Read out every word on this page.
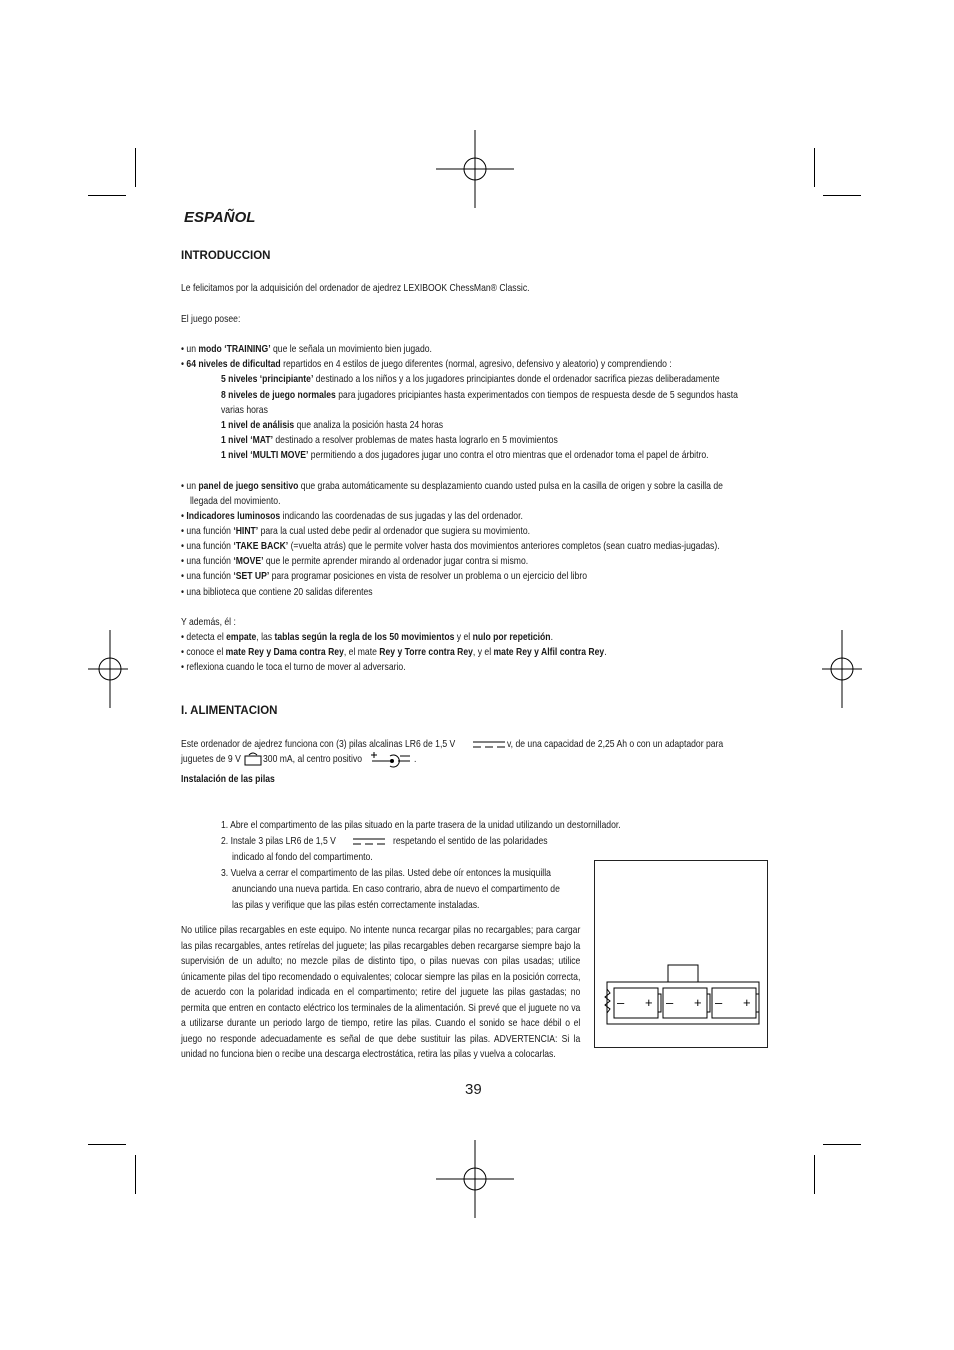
ESPAÑOL
INTRODUCCION
Le felicitamos por la adquisición del ordenador de ajedrez LEXIBOOK ChessMan® Classic.
El juego posee:
• un modo ‘TRAINING’ que le señala un movimiento bien jugado.
• 64 niveles de dificultad repartidos en 4 estilos de juego diferentes (normal, agresivo, defensivo y aleatorio) y comprendiendo :
5 niveles ‘principiante’ destinado a los niños y a los jugadores principiantes donde el ordenador sacrifica piezas deliberadamente
8 niveles de juego normales para jugadores pricipiantes hasta experimentados con tiempos de respuesta desde de 5 segundos hasta
varias horas
1 nivel de análisis que analiza la posición hasta 24 horas
1 nivel ‘MAT’ destinado a resolver problemas de mates hasta lograrlo en 5 movimientos
1 nivel ‘MULTI MOVE’ permitiendo a dos jugadores jugar uno contra el otro mientras que el ordenador toma el papel de árbitro.
• un panel de juego sensitivo que graba automáticamente su desplazamiento cuando usted pulsa en la casilla de origen y sobre la casilla de
llegada del movimiento.
• Indicadores luminosos indicando las coordenadas de sus jugadas y las del ordenador.
• una función ‘HINT’ para la cual usted debe pedir al ordenador que sugiera su movimiento.
• una función ‘TAKE BACK’ (=vuelta atrás) que le permite volver hasta dos movimientos anteriores completos (sean cuatro medias-jugadas).
• una función ‘MOVE’ que le permite aprender mirando al ordenador jugar contra si mismo.
• una función ‘SET UP’ para programar posiciones en vista de resolver un problema o un ejercicio del libro
• una biblioteca que contiene 20 salidas diferentes
Y además, él :
• detecta el empate, las tablas según la regla de los 50 movimientos y el nulo por repetición.
• conoce el mate Rey y Dama contra Rey, el mate Rey y Torre contra Rey, y el mate Rey y Alfil contra Rey.
• reflexiona cuando le toca el turno de mover al adversario.
I. ALIMENTACION
Este ordenador de ajedrez funciona con (3) pilas alcalinas LR6 de 1,5 V	v, de una capacidad de 2,25 Ah o con un adaptador para
juguetes de 9 V 300 mA, al centro positivo	.
Instalación de las pilas
1. Abre el compartimento de las pilas situado en la parte trasera de la unidad utilizando un destornillador.
2. Instale 3 pilas LR6 de 1,5 V	respetando el sentido de las polaridades
indicado al fondo del compartimento.
3. Vuelva a cerrar el compartimento de las pilas. Usted debe oír entonces la musiquilla
anunciando una nueva partida. En caso contrario, abra de nuevo el compartimento de
las pilas y verifique que las pilas estén correctamente instaladas.
No utilice pilas recargables en este equipo. No intente nunca recargar pilas no recargables; para cargar las pilas recargables, antes retírelas del juguete; las pilas recargables deben recargarse siempre bajo la supervisión de un adulto; no mezcle pilas de distinto tipo, o pilas nuevas con pilas usadas; utilice únicamente pilas del tipo recomendado o equivalentes; colocar siempre las pilas en la posición correcta, de acuerdo con la polaridad indicada en el compartimento; retire del juguete las pilas gastadas; no permita que entren en contacto eléctrico los terminales de la alimentación. Si prevé que el juguete no va a utilizarse durante un periodo largo de tiempo, retire las pilas. Cuando el sonido se hace débil o el juego no responde adecuadamente es señal de que debe sustituir las pilas. ADVERTENCIA: Si la unidad no funciona bien o recibe una descarga electrostática, retira las pilas y vuelva a colocarlas.
– + – + – +
39
